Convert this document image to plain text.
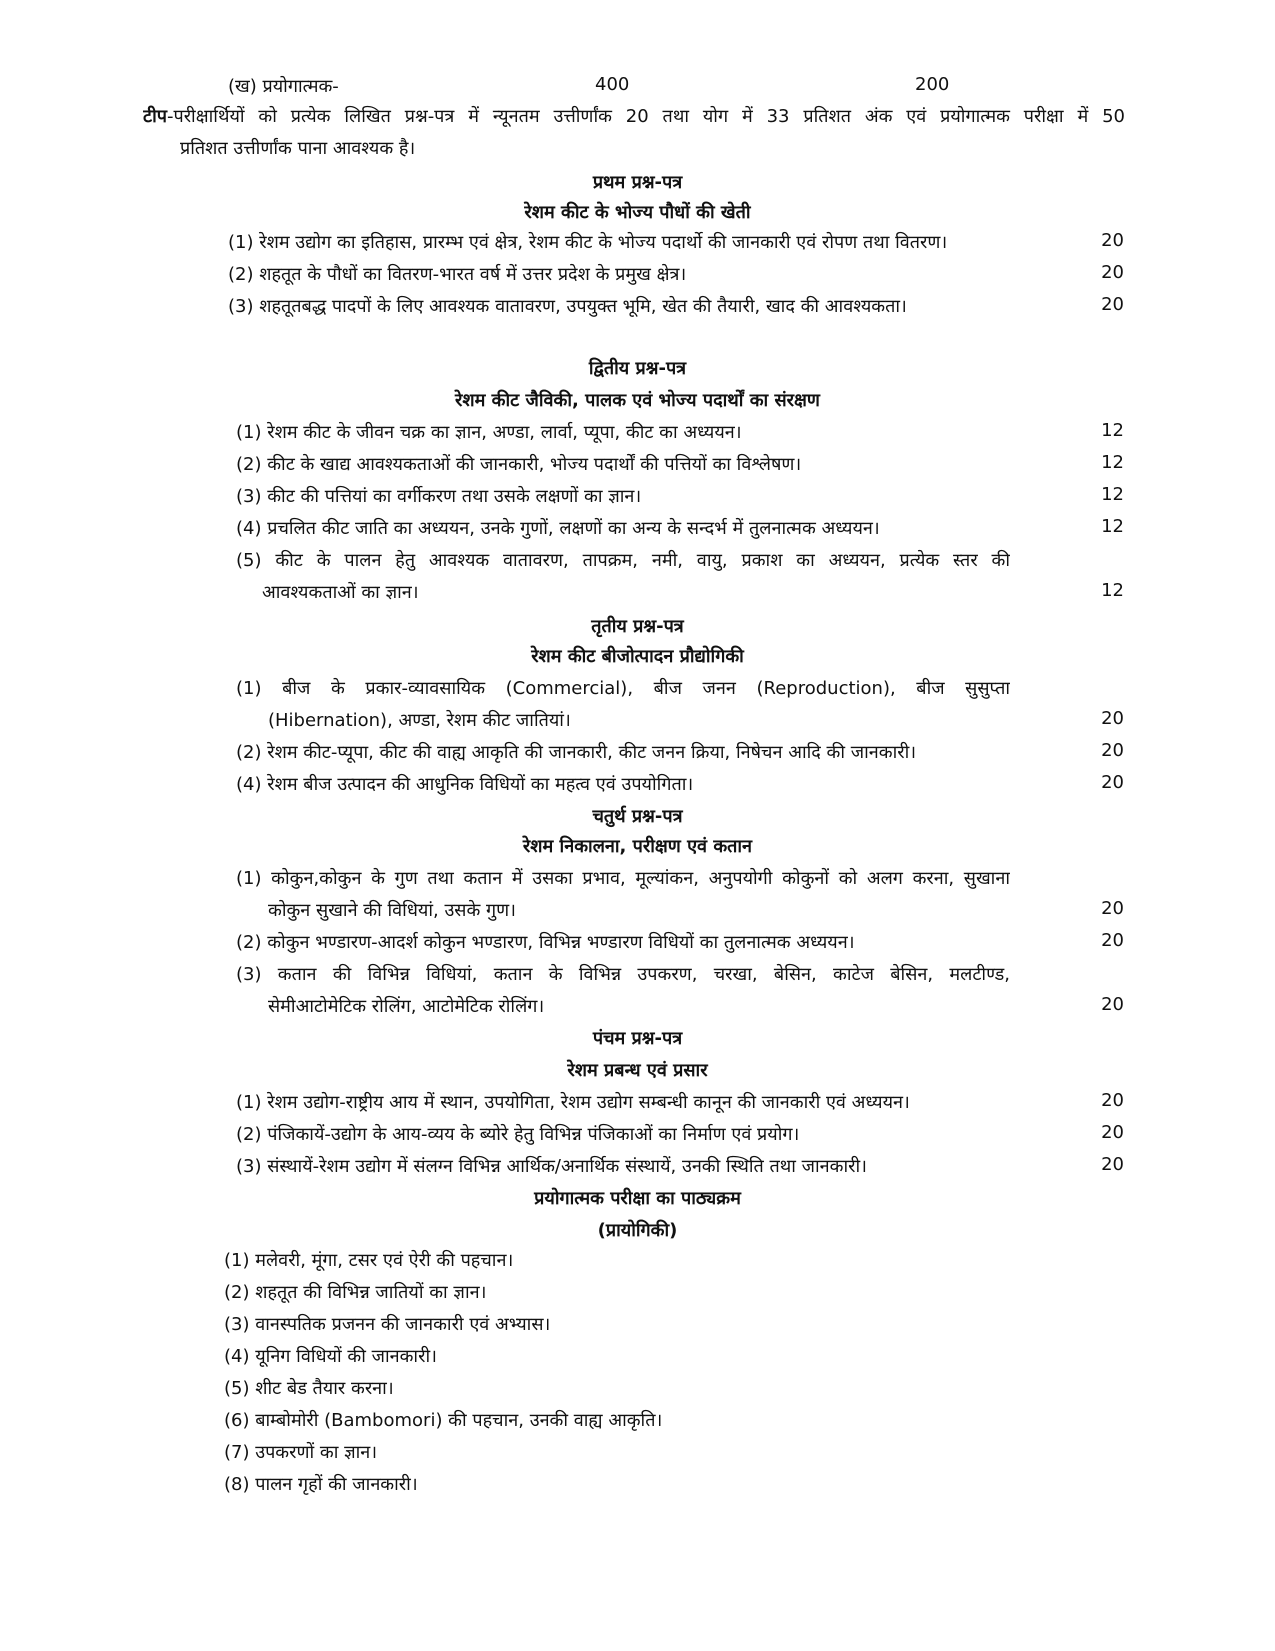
(ख) प्रयोगात्मक-	400	200
टीप-परीक्षार्थियों को प्रत्येक लिखित प्रश्न-पत्र में न्यूनतम उत्तीर्णांक 20 तथा योग में 33 प्रतिशत अंक एवं प्रयोगात्मक परीक्षा में 50
प्रतिशत उत्तीर्णांक पाना आवश्यक है।
प्रथम प्रश्न-पत्र
रेशम कीट के भोज्य पौधों की खेती
(1) रेशम उद्योग का इतिहास, प्रारम्भ एवं क्षेत्र, रेशम कीट के भोज्य पदार्थो की जानकारी एवं रोपण तथा वितरण।	20
(2) शहतूत के पौधों का वितरण-भारत वर्ष में उत्तर प्रदेश के प्रमुख क्षेत्र।	20
(3) शहतूतबद्ध पादपों के लिए आवश्यक वातावरण, उपयुक्त भूमि, खेत की तैयारी, खाद की आवश्यकता।	20
द्वितीय प्रश्न-पत्र
रेशम कीट जैविकी, पालक एवं भोज्य पदार्थों का संरक्षण
(1) रेशम कीट के जीवन चक्र का ज्ञान, अण्डा, लार्वा, प्यूपा, कीट का अध्ययन।	12
(2) कीट के खाद्य आवश्यकताओं की जानकारी, भोज्य पदार्थों की पत्तियों का विश्लेषण।	12
(3) कीट की पत्तियां का वर्गीकरण तथा उसके लक्षणों का ज्ञान।	12
(4) प्रचलित कीट जाति का अध्ययन, उनके गुणों, लक्षणों का अन्य के सन्दर्भ में तुलनात्मक अध्ययन।	12
(5) कीट के पालन हेतु आवश्यक वातावरण, तापक्रम, नमी, वायु, प्रकाश का अध्ययन, प्रत्येक स्तर की
आवश्यकताओं का ज्ञान।	12
तृतीय प्रश्न-पत्र
रेशम कीट बीजोत्पादन प्रौद्योगिकी
(1) बीज के प्रकार-व्यावसायिक (Commercial), बीज जनन (Reproduction), बीज सुसुप्ता
(Hibernation), अण्डा, रेशम कीट जातियां।	20
(2) रेशम कीट-प्यूपा, कीट की वाह्य आकृति की जानकारी, कीट जनन क्रिया, निषेचन आदि की जानकारी।	20
(4) रेशम बीज उत्पादन की आधुनिक विधियों का महत्व एवं उपयोगिता।	20
चतुर्थ प्रश्न-पत्र
रेशम निकालना, परीक्षण एवं कतान
(1) कोकुन,कोकुन के गुण तथा कतान में उसका प्रभाव, मूल्यांकन, अनुपयोगी कोकुनों को अलग करना, सुखाना
कोकुन सुखाने की विधियां, उसके गुण।	20
(2) कोकुन भण्डारण-आदर्श कोकुन भण्डारण, विभिन्न भण्डारण विधियों का तुलनात्मक अध्ययन।	20
(3) कतान की विभिन्न विधियां, कतान के विभिन्न उपकरण, चरखा, बेसिन, काटेज बेसिन, मलटीण्ड,
सेमीआटोमेटिक रोलिंग, आटोमेटिक रोलिंग।	20
पंचम प्रश्न-पत्र
रेशम प्रबन्ध एवं प्रसार
(1) रेशम उद्योग-राष्ट्रीय आय में स्थान, उपयोगिता, रेशम उद्योग सम्बन्धी कानून की जानकारी एवं अध्ययन।	20
(2) पंजिकायें-उद्योग के आय-व्यय के ब्योरे हेतु विभिन्न पंजिकाओं का निर्माण एवं प्रयोग।	20
(3) संस्थायें-रेशम उद्योग में संलग्न विभिन्न आर्थिक/अनार्थिक संस्थायें, उनकी स्थिति तथा जानकारी।	20
प्रयोगात्मक परीक्षा का पाठ्यक्रम
(प्रायोगिकी)
(1) मलेवरी, मूंगा, टसर एवं ऐरी की पहचान।
(2) शहतूत की विभिन्न जातियों का ज्ञान।
(3) वानस्पतिक प्रजनन की जानकारी एवं अभ्यास।
(4) यूनिग विधियों की जानकारी।
(5) शीट बेड तैयार करना।
(6) बाम्बोमोरी (Bambomori) की पहचान, उनकी वाह्य आकृति।
(7) उपकरणों का ज्ञान।
(8) पालन गृहों की जानकारी।
